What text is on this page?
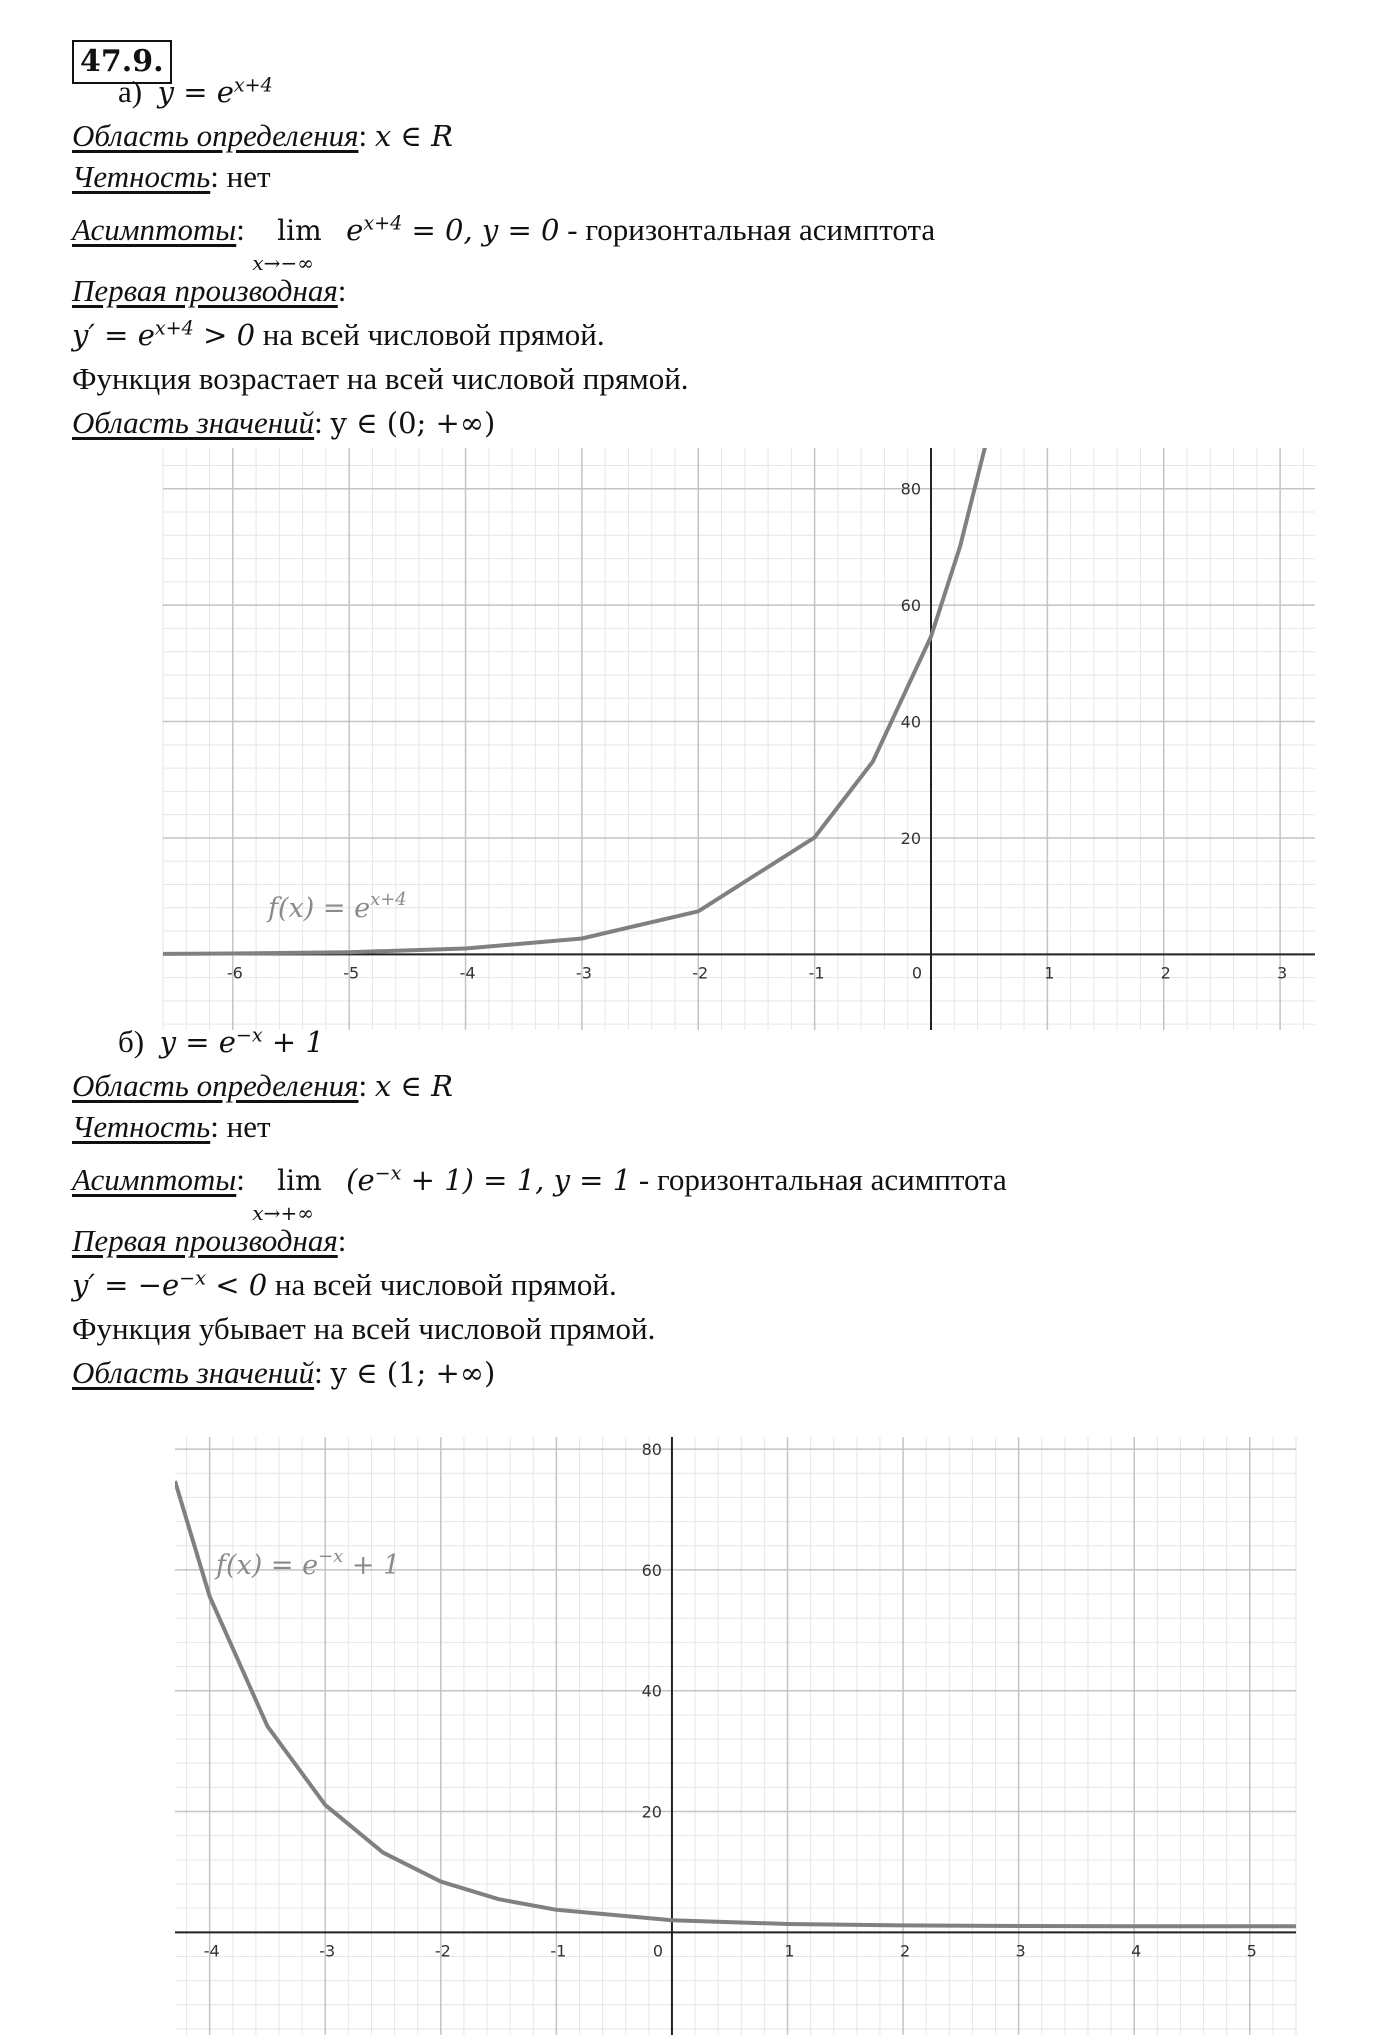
47.9.
а) $y = e^{x+4}$
Область определения: x ∈ R
Четность: нет
Асимптоты: lim
x→−∞
$e^{x+4} = 0$, y = 0 - горизонтальная асимптота
Первая производная:
$y' = e^{x+4} > 0$ на всей числовой прямой.
Функция возрастает на всей числовой прямой.
Область значений: y ∈ (0; +∞)
б) $y = e^{-x} + 1$
Область определения: x ∈ R
Четность: нет
Асимптоты: lim
x→+∞
$(e^{-x} + 1) = 1$, y = 1 - горизонтальная асимптота
Первая производная:
$y' = -e^{-x} < 0$ на всей числовой прямой.
Функция убывает на всей числовой прямой.
Область значений: y ∈ (1; +∞)
-6	-5	-4	-3	-2	-1	0	1	2	3
20
40
60
80
$f(x) = e^{x+4}$
-4	-3	-2	-1	0	1	2	3	4	5
20
40
60
80
$f(x) = e^{-x} + 1$
